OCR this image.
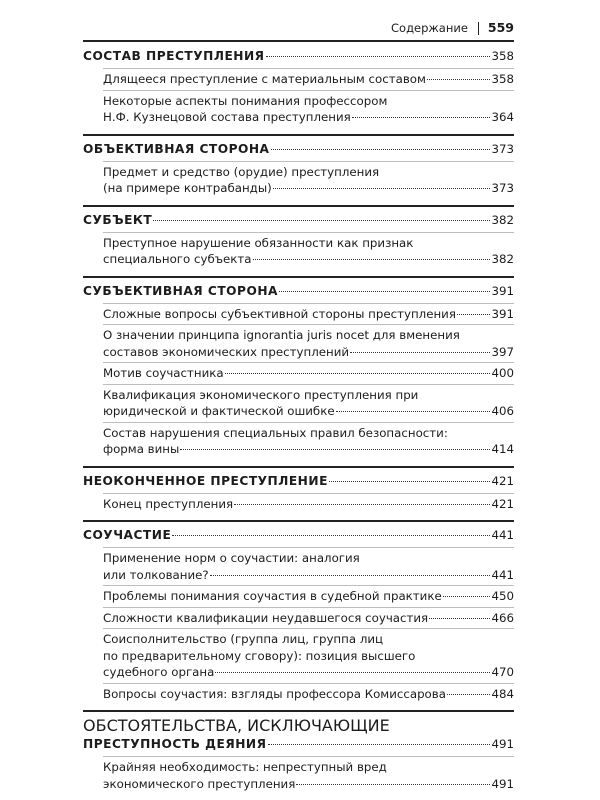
Содержание 559
СОСТАВ ПРЕСТУПЛЕНИЯ	358
Длящееся преступление с материальным составом	358
Некоторые аспекты понимания профессором
Н.Ф. Кузнецовой состава преступления	364
ОБЪЕКТИВНАЯ СТОРОНА	373
Предмет и средство (орудие) преступления
(на примере контрабанды)	373
СУБЪЕКТ	382
Преступное нарушение обязанности как признак
специального субъекта	382
СУБЪЕКТИВНАЯ СТОРОНА	391
Сложные вопросы субъективной стороны преступления	391
О значении принципа ignorantia juris nocet для вменения
составов экономических преступлений	397
Мотив соучастника	400
Квалификация экономического преступления при
юридической и фактической ошибке	406
Состав нарушения специальных правил безопасности:
форма вины	414
НЕОКОНЧЕННОЕ ПРЕСТУПЛЕНИЕ	421
Конец преступления	421
СОУЧАСТИЕ	441
Применение норм о соучастии: аналогия
или толкование?	441
Проблемы понимания соучастия в судебной практике	450
Сложности квалификации неудавшегося соучастия	466
Соисполнительство (группа лиц, группа лиц
по предварительному сговору): позиция высшего
судебного органа	470
Вопросы соучастия: взгляды профессора Комиссарова	484
ОБСТОЯТЕЛЬСТВА, ИСКЛЮЧАЮЩИЕ
ПРЕСТУПНОСТЬ ДЕЯНИЯ	491
Крайняя необходимость: непреступный вред
экономического преступления	491
